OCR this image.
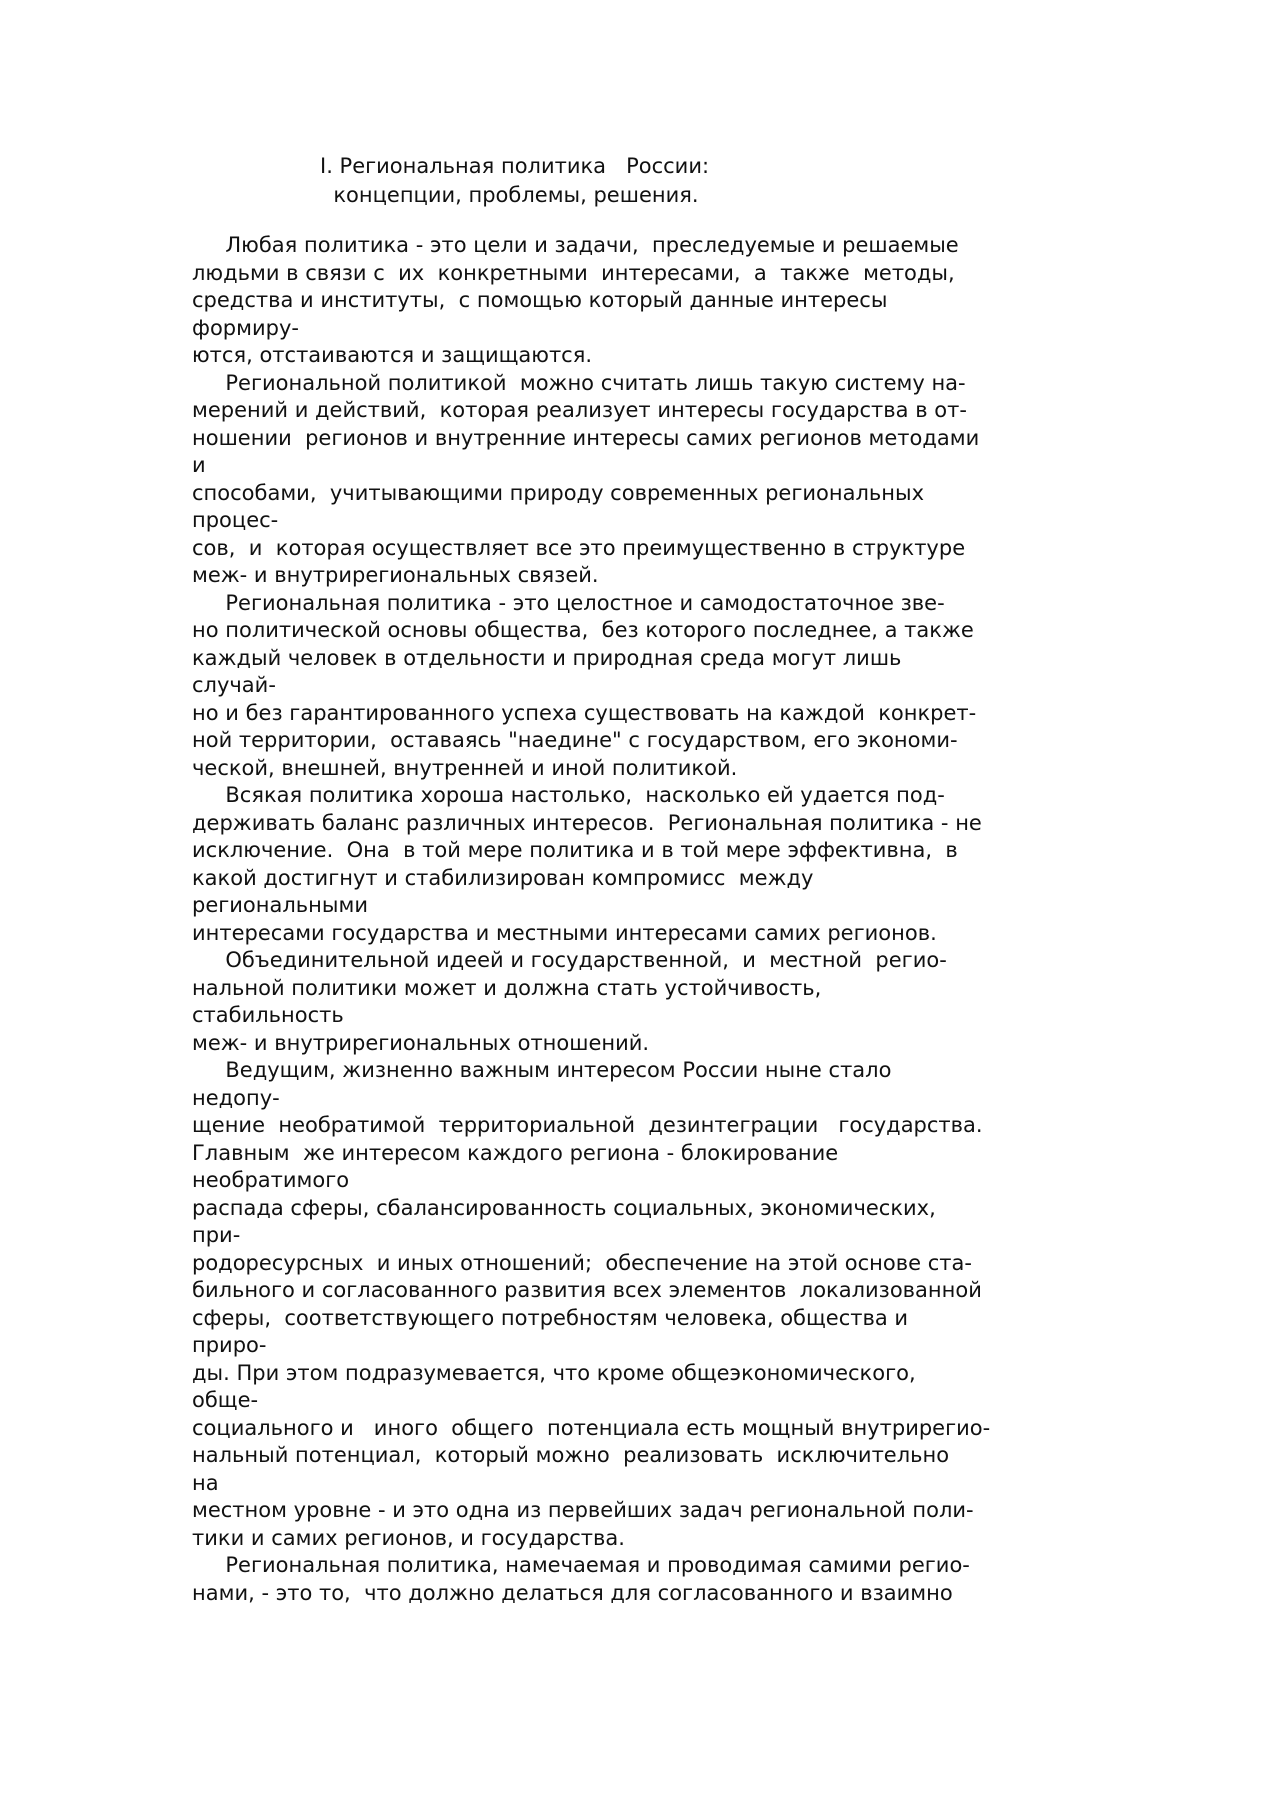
I. Региональная политика   России:
концепции, проблемы, решения.
Любая политика - это цели и задачи,  преследуемые и решаемые
людьми в связи с  их  конкретными  интересами,  а  также  методы,
средства и институты,  с помощью который данные интересы
формиру-
ются, отстаиваются и защищаются.
Региональной политикой  можно считать лишь такую систему на-
мерений и действий,  которая реализует интересы государства в от-
ношении  регионов и внутренние интересы самих регионов методами
и
способами,  учитывающими природу современных региональных
процес-
сов,  и  которая осуществляет все это преимущественно в структуре
меж- и внутрирегиональных связей.
Региональная политика - это целостное и самодостаточное зве-
но политической основы общества,  без которого последнее, а также
каждый человек в отдельности и природная среда могут лишь
случай-
но и без гарантированного успеха существовать на каждой  конкрет-
ной территории,  оставаясь "наедине" с государством, его экономи-
ческой, внешней, внутренней и иной политикой.
Всякая политика хороша настолько,  насколько ей удается под-
держивать баланс различных интересов.  Региональная политика - не
исключение.  Она  в той мере политика и в той мере эффективна,  в
какой достигнут и стабилизирован компромисс  между
региональными
интересами государства и местными интересами самих регионов.
Объединительной идеей и государственной,  и  местной  регио-
нальной политики может и должна стать устойчивость,
стабильность
меж- и внутрирегиональных отношений.
Ведущим, жизненно важным интересом России ныне стало
недопу-
щение  необратимой  территориальной  дезинтеграции   государства.
Главным  же интересом каждого региона - блокирование
необратимого
распада сферы, сбалансированность социальных, экономических,
при-
родоресурсных  и иных отношений;  обеспечение на этой основе ста-
бильного и согласованного развития всех элементов  локализованной
сферы,  соответствующего потребностям человека, общества и
приро-
ды. При этом подразумевается, что кроме общеэкономического,
обще-
социального и   иного  общего  потенциала есть мощный внутрирегио-
нальный потенциал,  который можно  реализовать  исключительно
на
местном уровне - и это одна из первейших задач региональной поли-
тики и самих регионов, и государства.
Региональная политика, намечаемая и проводимая самими регио-
нами, - это то,  что должно делаться для согласованного и взаимно
